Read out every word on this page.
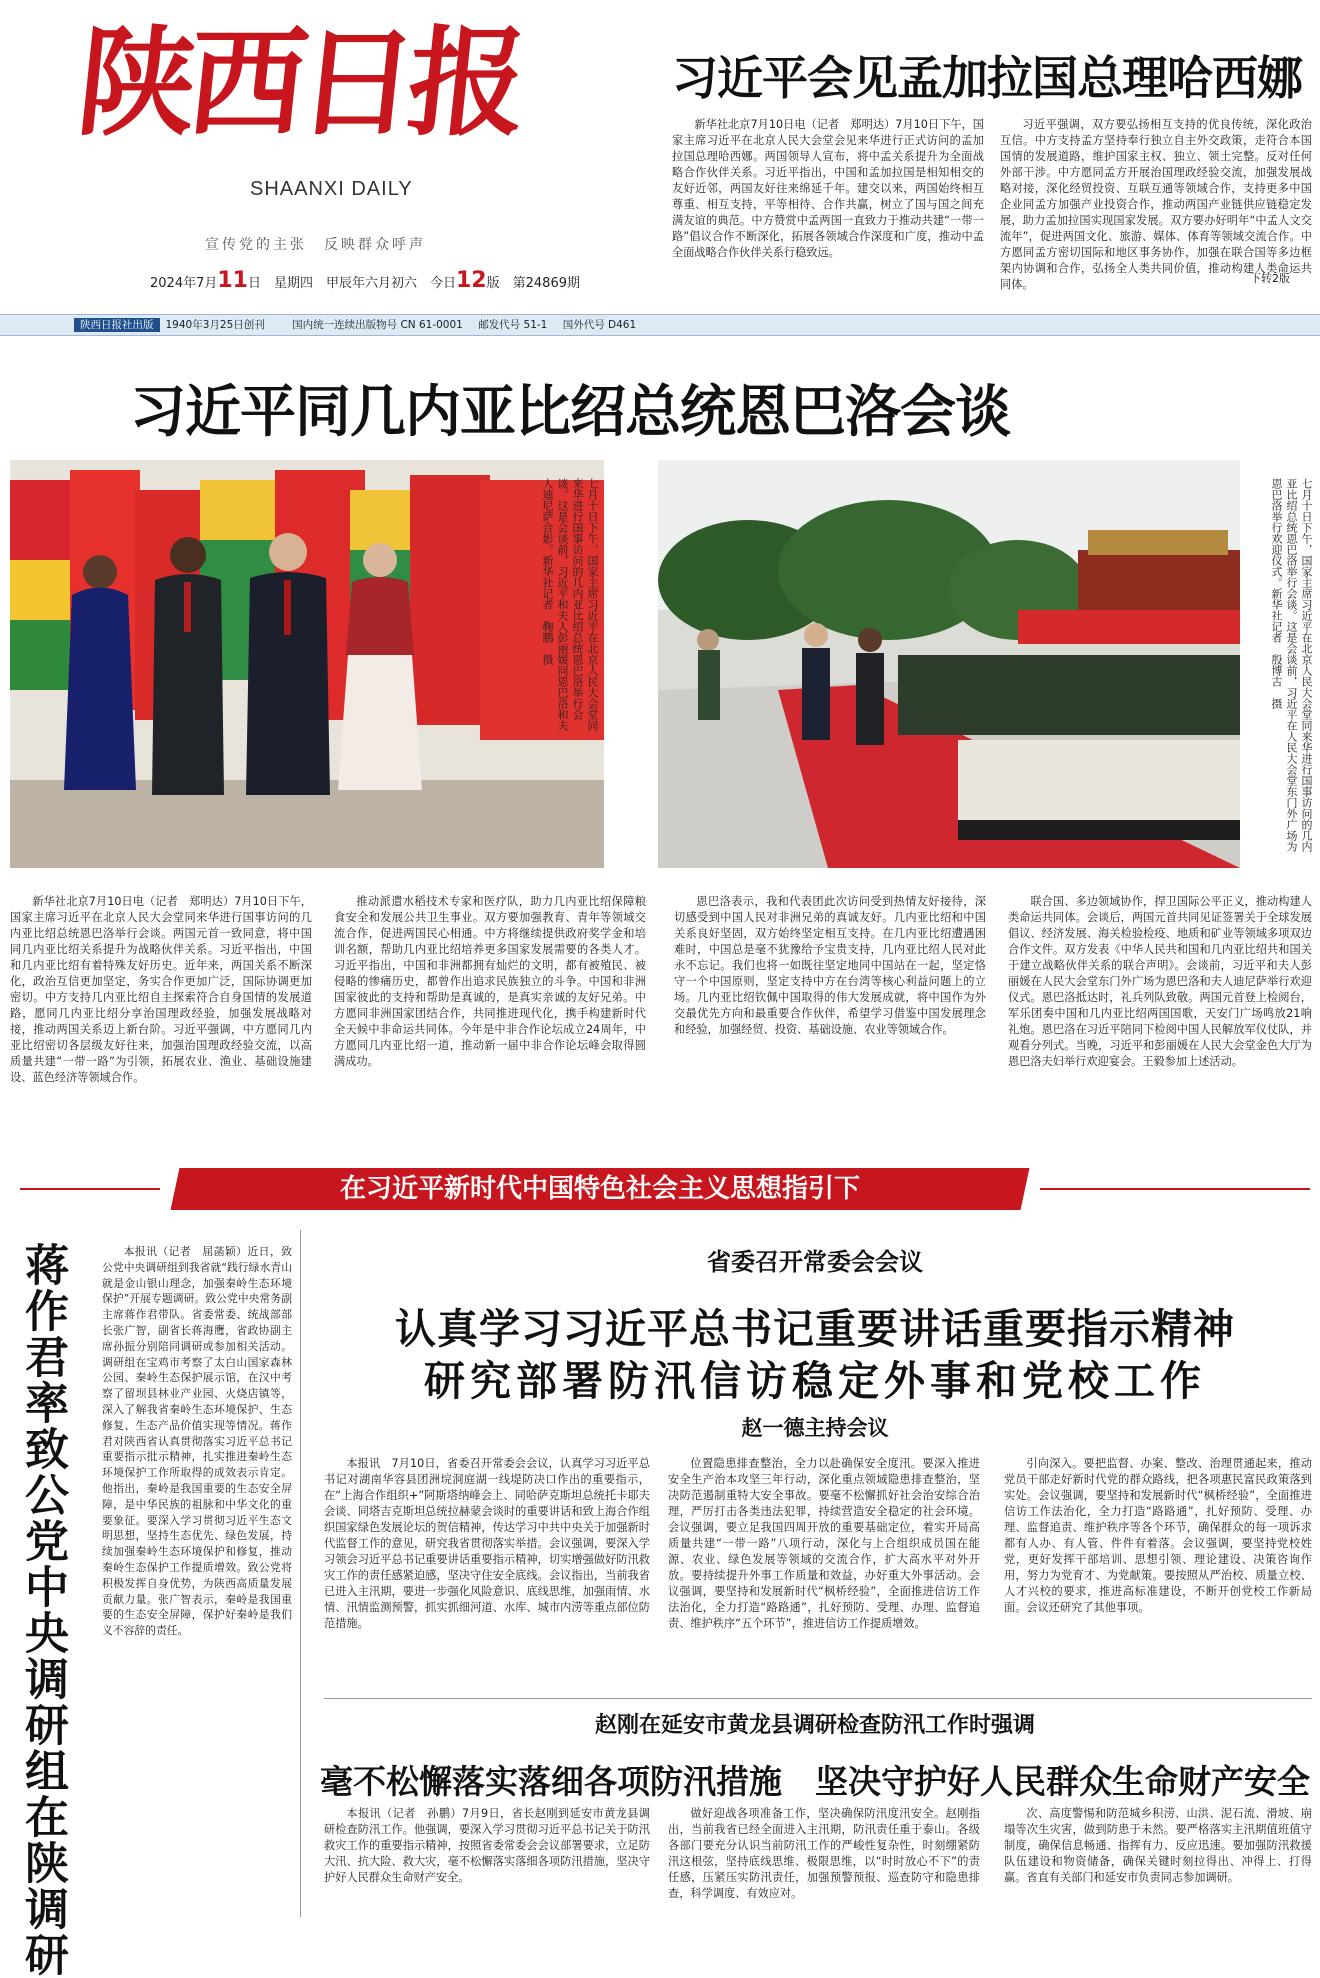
陕西日报
SHAANXI DAILY
宣传党的主张　反映群众呼声
2024年7月11日　星期四　甲辰年六月初六　今日12版　第24869期
习近平会见孟加拉国总理哈西娜

新华社北京7月10日电（记者　郑明达）7月10日下午，国家主席习近平在北京人民大会堂会见来华进行正式访问的孟加拉国总理哈西娜。两国领导人宣布，将中孟关系提升为全面战略合作伙伴关系。习近平指出，中国和孟加拉国是相知相交的友好近邻，两国友好往来绵延千年。建交以来，两国始终相互尊重、相互支持，平等相待、合作共赢，树立了国与国之间充满友谊的典范。中方赞赏中孟两国一直致力于推动共建“一带一路”倡议合作不断深化，拓展各领域合作深度和广度，推动中孟全面战略合作伙伴关系行稳致远。

习近平强调，双方要弘扬相互支持的优良传统，深化政治互信。中方支持孟方坚持奉行独立自主外交政策，走符合本国国情的发展道路，维护国家主权、独立、领土完整。反对任何外部干涉。中方愿同孟方开展治国理政经验交流，加强发展战略对接，深化经贸投资、互联互通等领域合作，支持更多中国企业同孟方加强产业投资合作，推动两国产业链供应链稳定发展，助力孟加拉国实现国家发展。双方要办好明年“中孟人文交流年”，促进两国文化、旅游、媒体、体育等领域交流合作。中方愿同孟方密切国际和地区事务协作，加强在联合国等多边框架内协调和合作，弘扬全人类共同价值，推动构建人类命运共同体。	下转2版
陕西日报社出版 1940年3月25日创刊	国内统一连续出版物号 CN 61-0001 邮发代号 51-1 国外代号 D461
习近平同几内亚比绍总统恩巴洛会谈
七月十日下午，国家主席习近平在北京人民大会堂同来华进行国事访问的几内亚比绍总统恩巴洛举行会谈。这是会谈前，习近平和夫人彭丽媛同恩巴洛和夫人迪尼萨合影。新华社记者　鞠鹏　摄	七月十日下午，国家主席习近平在北京人民大会堂同来华进行国事访问的几内亚比绍总统恩巴洛举行会谈。这是会谈前，习近平在人民大会堂东门外广场为恩巴洛举行欢迎仪式。新华社记者　殷博古　摄

新华社北京7月10日电（记者　郑明达）7月10日下午，国家主席习近平在北京人民大会堂同来华进行国事访问的几内亚比绍总统恩巴洛举行会谈。两国元首一致同意，将中国同几内亚比绍关系提升为战略伙伴关系。习近平指出，中国和几内亚比绍有着特殊友好历史。近年来，两国关系不断深化，政治互信更加坚定，务实合作更加广泛，国际协调更加密切。中方支持几内亚比绍自主探索符合自身国情的发展道路，愿同几内亚比绍分享治国理政经验，加强发展战略对接，推动两国关系迈上新台阶。习近平强调，中方愿同几内亚比绍密切各层级友好往来，加强治国理政经验交流，以高质量共建“一带一路”为引领，拓展农业、渔业、基础设施建设、蓝色经济等领域合作。

推动派遣水稻技术专家和医疗队，助力几内亚比绍保障粮食安全和发展公共卫生事业。双方要加强教育、青年等领域交流合作，促进两国民心相通。中方将继续提供政府奖学金和培训名额，帮助几内亚比绍培养更多国家发展需要的各类人才。习近平指出，中国和非洲都拥有灿烂的文明，都有被殖民、被侵略的惨痛历史，都曾作出追求民族独立的斗争。中国和非洲国家彼此的支持和帮助是真诚的，是真实亲诚的友好兄弟。中方愿同非洲国家团结合作，共同推进现代化，携手构建新时代全天候中非命运共同体。今年是中非合作论坛成立24周年，中方愿同几内亚比绍一道，推动新一届中非合作论坛峰会取得圆满成功。

恩巴洛表示，我和代表团此次访问受到热情友好接待，深切感受到中国人民对非洲兄弟的真诚友好。几内亚比绍和中国关系良好坚固，双方始终坚定相互支持。在几内亚比绍遭遇困难时，中国总是毫不犹豫给予宝贵支持，几内亚比绍人民对此永不忘记。我们也将一如既往坚定地同中国站在一起，坚定恪守一个中国原则，坚定支持中方在台湾等核心利益问题上的立场。几内亚比绍钦佩中国取得的伟大发展成就，将中国作为外交最优先方向和最重要合作伙伴，希望学习借鉴中国发展理念和经验，加强经贸、投资、基础设施、农业等领域合作。

联合国、多边领域协作，捍卫国际公平正义，推动构建人类命运共同体。会谈后，两国元首共同见证签署关于全球发展倡议、经济发展、海关检验检疫、地质和矿业等领域多项双边合作文件。双方发表《中华人民共和国和几内亚比绍共和国关于建立战略伙伴关系的联合声明》。会谈前，习近平和夫人彭丽媛在人民大会堂东门外广场为恩巴洛和夫人迪尼萨举行欢迎仪式。恩巴洛抵达时，礼兵列队致敬。两国元首登上检阅台，军乐团奏中国和几内亚比绍两国国歌，天安门广场鸣放21响礼炮。恩巴洛在习近平陪同下检阅中国人民解放军仪仗队，并观看分列式。当晚，习近平和彭丽媛在人民大会堂金色大厅为恩巴洛夫妇举行欢迎宴会。王毅参加上述活动。

在习近平新时代中国特色社会主义思想指引下
蒋作君率致公党中央调研组在陕调研	本报讯（记者　屈菡颖）近日，致公党中央调研组到我省就“践行绿水青山就是金山银山理念，加强秦岭生态环境保护”开展专题调研。致公党中央常务副主席蒋作君带队。省委常委、统战部部长张广智，副省长蒋海鹰，省政协副主席孙振分别陪同调研或参加相关活动。调研组在宝鸡市考察了太白山国家森林公园、秦岭生态保护展示馆，在汉中考察了留坝县林业产业园、火烧店镇等，深入了解我省秦岭生态环境保护、生态修复、生态产品价值实现等情况。蒋作君对陕西省认真贯彻落实习近平总书记重要指示批示精神，扎实推进秦岭生态环境保护工作所取得的成效表示肯定。他指出，秦岭是我国重要的生态安全屏障，是中华民族的祖脉和中华文化的重要象征。要深入学习贯彻习近平生态文明思想，坚持生态优先、绿色发展，持续加强秦岭生态环境保护和修复，推动秦岭生态保护工作提质增效。致公党将积极发挥自身优势，为陕西高质量发展贡献力量。张广智表示，秦岭是我国重要的生态安全屏障，保护好秦岭是我们义不容辞的责任。

省委召开常委会会议
认真学习习近平总书记重要讲话重要指示精神
研究部署防汛信访稳定外事和党校工作
赵一德主持会议

本报讯　7月10日，省委召开常委会会议，认真学习习近平总书记对湖南华容县团洲垸洞庭湖一线堤防决口作出的重要指示，在“上海合作组织+”阿斯塔纳峰会上、同哈萨克斯坦总统托卡耶夫会谈、同塔吉克斯坦总统拉赫蒙会谈时的重要讲话和致上海合作组织国家绿色发展论坛的贺信精神，传达学习中共中央关于加强新时代监督工作的意见，研究我省贯彻落实举措。会议强调，要深入学习领会习近平总书记重要讲话重要指示精神，切实增强做好防汛救灾工作的责任感紧迫感，坚决守住安全底线。会议指出，当前我省已进入主汛期，要进一步强化风险意识、底线思维，加强雨情、水情、汛情监测预警，抓实抓细河道、水库、城市内涝等重点部位防范措施。

位置隐患排查整治，全力以赴确保安全度汛。要深入推进安全生产治本攻坚三年行动，深化重点领域隐患排查整治，坚决防范遏制重特大安全事故。要毫不松懈抓好社会治安综合治理，严厉打击各类违法犯罪，持续营造安全稳定的社会环境。会议强调，要立足我国四周开放的重要基础定位，着实开局高质量共建“一带一路”八项行动，深化与上合组织成员国在能源、农业、绿色发展等领域的交流合作，扩大高水平对外开放。要持续提升外事工作质量和效益，办好重大外事活动。会议强调，要坚持和发展新时代“枫桥经验”，全面推进信访工作法治化，全力打造“路路通”，扎好预防、受理、办理、监督追责、维护秩序“五个环节”，推进信访工作提质增效。

引向深入。要把监督、办案、整改、治理贯通起来，推动党员干部走好新时代党的群众路线，把各项惠民富民政策落到实处。会议强调，要坚持和发展新时代“枫桥经验”，全面推进信访工作法治化，全力打造“路路通”，扎好预防、受理、办理、监督追责、维护秩序等各个环节，确保群众的每一项诉求都有人办、有人管、件件有着落。会议强调，要坚持党校姓党，更好发挥干部培训、思想引领、理论建设、决策咨询作用，努力为党育才、为党献策。要按照从严治校、质量立校、人才兴校的要求，推进高标准建设，不断开创党校工作新局面。会议还研究了其他事项。

赵刚在延安市黄龙县调研检查防汛工作时强调
毫不松懈落实落细各项防汛措施　坚决守护好人民群众生命财产安全

本报讯（记者　孙鹏）7月9日，省长赵刚到延安市黄龙县调研检查防汛工作。他强调，要深入学习贯彻习近平总书记关于防汛救灾工作的重要指示精神，按照省委常委会会议部署要求，立足防大汛、抗大险、救大灾，毫不松懈落实落细各项防汛措施，坚决守护好人民群众生命财产安全。

做好迎战各项准备工作，坚决确保防汛度汛安全。赵刚指出，当前我省已经全面进入主汛期，防汛责任重于泰山。各级各部门要充分认识当前防汛工作的严峻性复杂性，时刻绷紧防汛这根弦，坚持底线思维、极限思维，以“时时放心不下”的责任感，压紧压实防汛责任，加强预警预报、巡查防守和隐患排查，科学调度、有效应对。

次、高度警惕和防范城乡积涝、山洪、泥石流、滑坡、崩塌等次生灾害，做到防患于未然。要严格落实主汛期值班值守制度，确保信息畅通、指挥有力、反应迅速。要加强防汛救援队伍建设和物资储备，确保关键时刻拉得出、冲得上、打得赢。省直有关部门和延安市负责同志参加调研。
